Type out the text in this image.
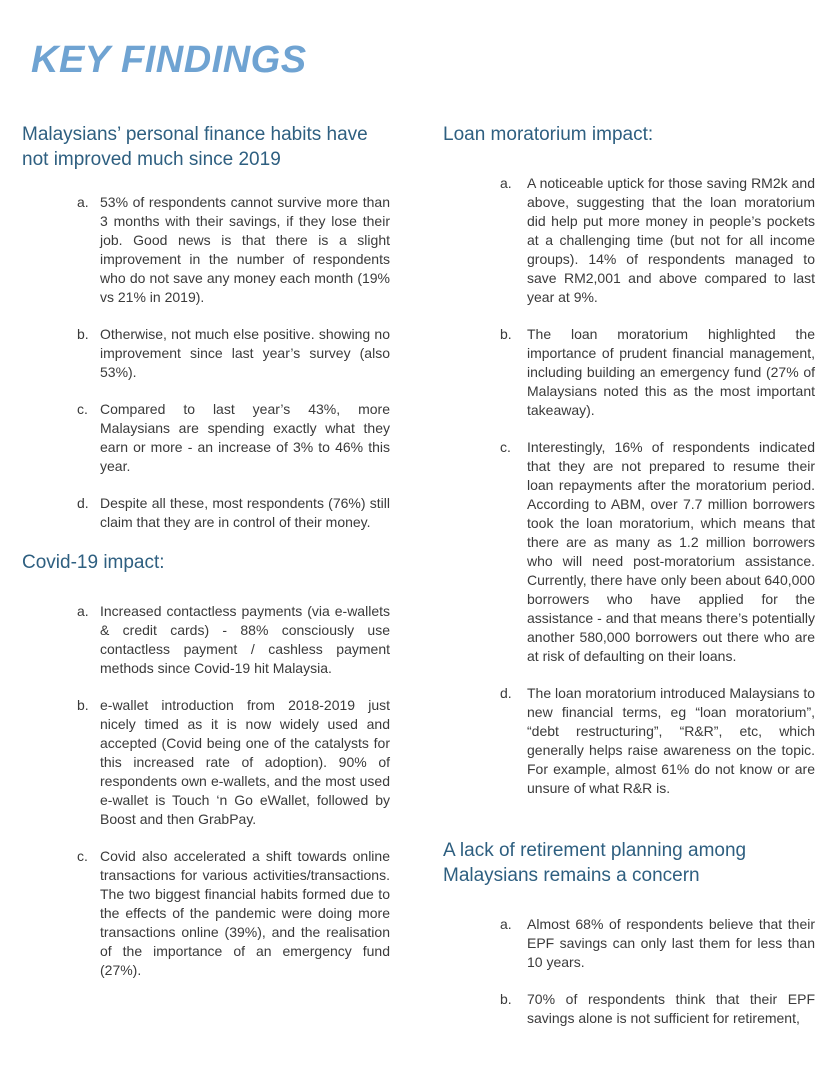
KEY FINDINGS
Malaysians’ personal finance habits have not improved much since 2019
a. 53% of respondents cannot survive more than 3 months with their savings, if they lose their job. Good news is that there is a slight improvement in the number of respondents who do not save any money each month (19% vs 21% in 2019).

b. Otherwise, not much else positive. showing no improvement since last year’s survey (also 53%).

c. Compared to last year’s 43%, more Malaysians are spending exactly what they earn or more - an increase of 3% to 46% this year.

d. Despite all these, most respondents (76%) still claim that they are in control of their money.

Covid-19 impact:
a. Increased contactless payments (via e-wallets & credit cards) - 88% consciously use contactless payment / cashless payment methods since Covid-19 hit Malaysia.

b. e-wallet introduction from 2018-2019 just nicely timed as it is now widely used and accepted (Covid being one of the catalysts for this increased rate of adoption). 90% of respondents own e-wallets, and the most used e-wallet is Touch ‘n Go eWallet, followed by Boost and then GrabPay.

c. Covid also accelerated a shift towards online transactions for various activities/transactions. The two biggest financial habits formed due to the effects of the pandemic were doing more transactions online (39%), and the realisation of the importance of an emergency fund (27%).

Loan moratorium impact:
a.	A noticeable uptick for those saving RM2k and above, suggesting that the loan moratorium did help put more money in people’s pockets at a challenging time (but not for all income groups). 14% of respondents managed to save RM2,001 and above compared to last year at 9%.

b.	The loan moratorium highlighted the importance of prudent financial management, including building an emergency fund (27% of Malaysians noted this as the most important takeaway).

c.	Interestingly, 16% of respondents indicated that they are not prepared to resume their loan repayments after the moratorium period. According to ABM, over 7.7 million borrowers took the loan moratorium, which means that there are as many as 1.2 million borrowers who will need post-moratorium assistance. Currently, there have only been about 640,000 borrowers who have applied for the assistance - and that means there’s potentially another 580,000 borrowers out there who are at risk of defaulting on their loans.

d.	The loan moratorium introduced Malaysians to new financial terms, eg “loan moratorium”, “debt restructuring”, “R&R”, etc, which generally helps raise awareness on the topic. For example, almost 61% do not know or are unsure of what R&R is.

A lack of retirement planning among Malaysians remains a concern
a.	Almost 68% of respondents believe that their EPF savings can only last them for less than 10 years.

b.	70% of respondents think that their EPF savings alone is not sufficient for retirement,
